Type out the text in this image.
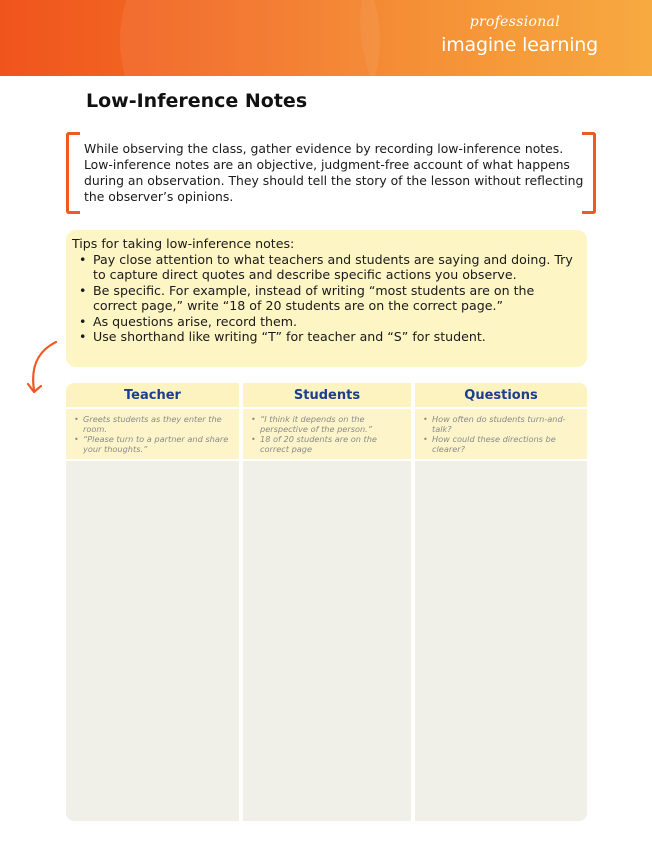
professional
imagine learning
Low-Inference Notes

While observing the class, gather evidence by recording low-inference notes. Low-inference notes are an objective, judgment-free account of what happens during an observation. They should tell the story of the lesson without reflecting the observer’s opinions.

Tips for taking low-inference notes:

• Pay close attention to what teachers and students are saying and doing. Try to capture direct quotes and describe specific actions you observe.
• Be specific. For example, instead of writing “most students are on the correct page,” write “18 of 20 students are on the correct page.”
• As questions arise, record them.
• Use shorthand like writing “T” for teacher and “S” for student.
Teacher
• Greets students as they enter the room.
• “Please turn to a partner and share your thoughts.”
Students
• “I think it depends on the perspective of the person.”
• 18 of 20 students are on the correct page
Questions
• How often do students turn-and-talk?
• How could these directions be clearer?
